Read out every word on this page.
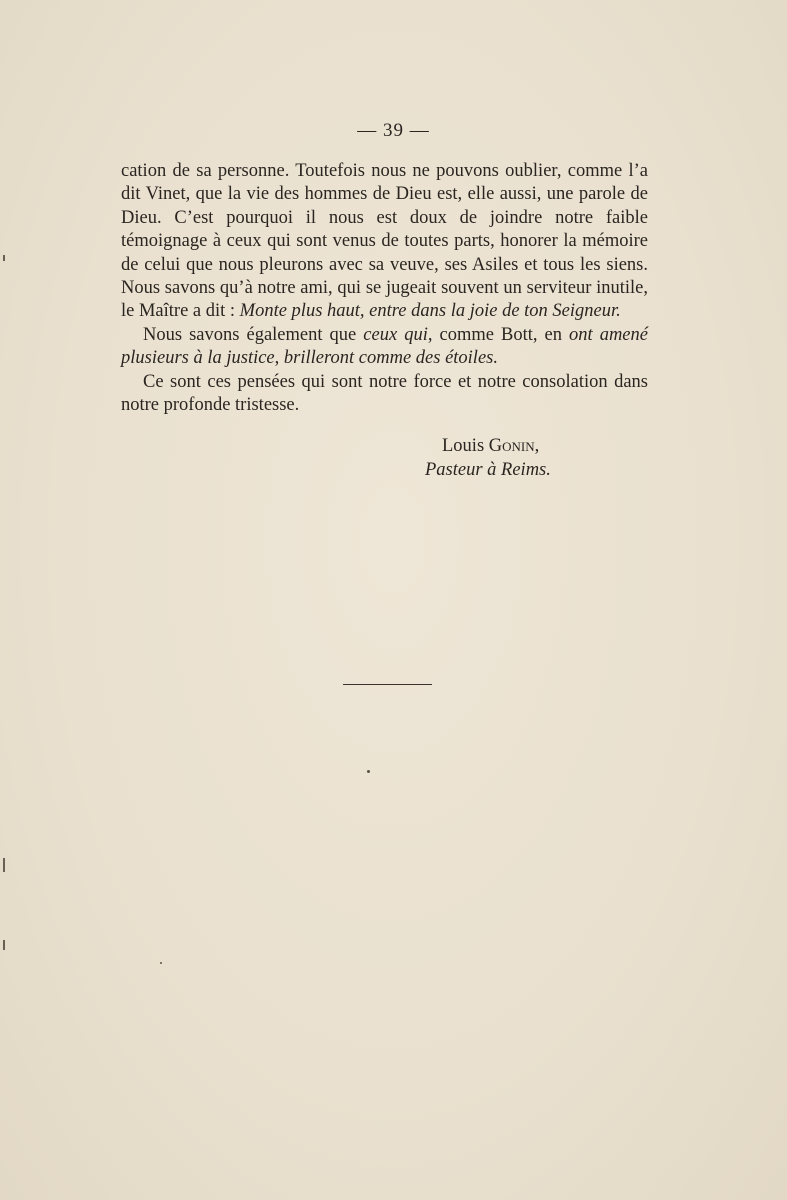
— 39 —

cation de sa personne. Toutefois nous ne pouvons oublier, comme l’a dit Vinet, que la vie des hommes de Dieu est, elle aussi, une parole de Dieu. C’est pourquoi il nous est doux de joindre notre faible témoignage à ceux qui sont venus de toutes parts, honorer la mémoire de celui que nous pleurons avec sa veuve, ses Asiles et tous les siens. Nous savons qu’à notre ami, qui se jugeait souvent un serviteur inutile, le Maître a dit : Monte plus haut, entre dans la joie de ton Seigneur.

Nous savons également que ceux qui, comme Bott, en ont amené plusieurs à la justice, brilleront comme des étoiles.

Ce sont ces pensées qui sont notre force et notre consolation dans notre profonde tristesse.

Louis Gonin,
Pasteur à Reims.
